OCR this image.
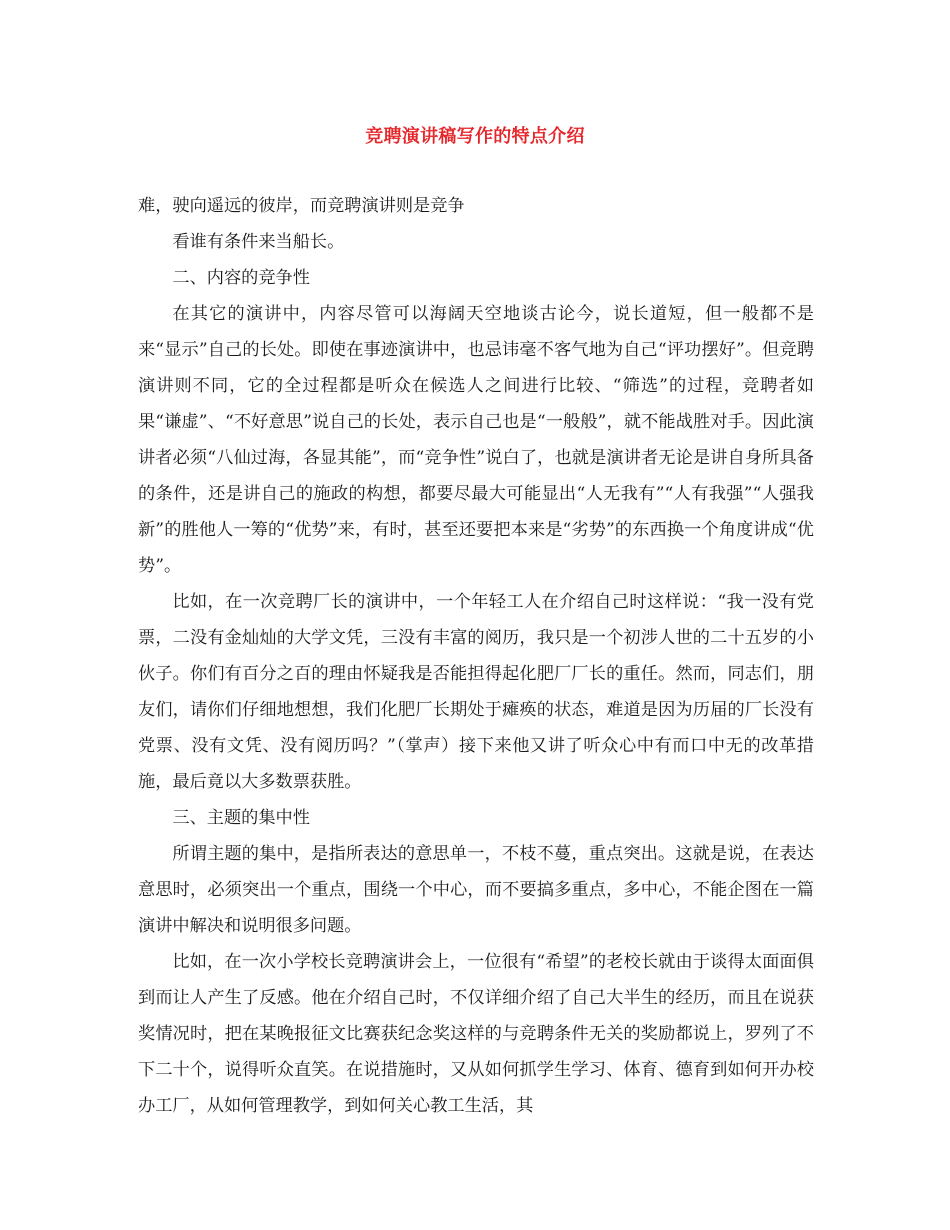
竞聘演讲稿写作的特点介绍

难，驶向遥远的彼岸，而竞聘演讲则是竞争

看谁有条件来当船长。

二、内容的竞争性

在其它的演讲中，内容尽管可以海阔天空地谈古论今，说长道短，但一般都不是来“显示”自己的长处。即使在事迹演讲中，也忌讳毫不客气地为自己“评功摆好”。但竞聘演讲则不同，它的全过程都是听众在候选人之间进行比较、“筛选”的过程，竞聘者如果“谦虚”、“不好意思”说自己的长处，表示自己也是“一般般”，就不能战胜对手。因此演讲者必须“八仙过海，各显其能”，而“竞争性”说白了，也就是演讲者无论是讲自身所具备的条件，还是讲自己的施政的构想，都要尽最大可能显出“人无我有”“人有我强”“人强我 新”的胜他人一筹的“优势”来，有时，甚至还要把本来是“劣势”的东西换一个角度讲成“优势”。

比如，在一次竞聘厂长的演讲中，一个年轻工人在介绍自己时这样说：“我一没有党票，二没有金灿灿的大学文凭，三没有丰富的阅历，我只是一个初涉人世的二十五岁的小伙子。你们有百分之百的理由怀疑我是否能担得起化肥厂厂长的重任。然而，同志们，朋友们，请你们仔细地想想，我们化肥厂长期处于瘫痪的状态，难道是因为历届的厂长没有党票、没有文凭、没有阅历吗？”（掌声）接下来他又讲了听众心中有而口中无的改革措施，最后竟以大多数票获胜。

三、主题的集中性

所谓主题的集中，是指所表达的意思单一，不枝不蔓，重点突出。这就是说，在表达意思时，必须突出一个重点，围绕一个中心，而不要搞多重点，多中心，不能企图在一篇演讲中解决和说明很多问题。

比如，在一次小学校长竞聘演讲会上，一位很有“希望”的老校长就由于谈得太面面俱到而让人产生了反感。他在介绍自己时，不仅详细介绍了自己大半生的经历，而且在说获奖情况时，把在某晚报征文比赛获纪念奖这样的与竞聘条件无关的奖励都说上，罗列了不下二十个，说得听众直笑。在说措施时，又从如何抓学生学习、体育、德育到如何开办校办工厂，从如何管理教学，到如何关心教工生活，其
